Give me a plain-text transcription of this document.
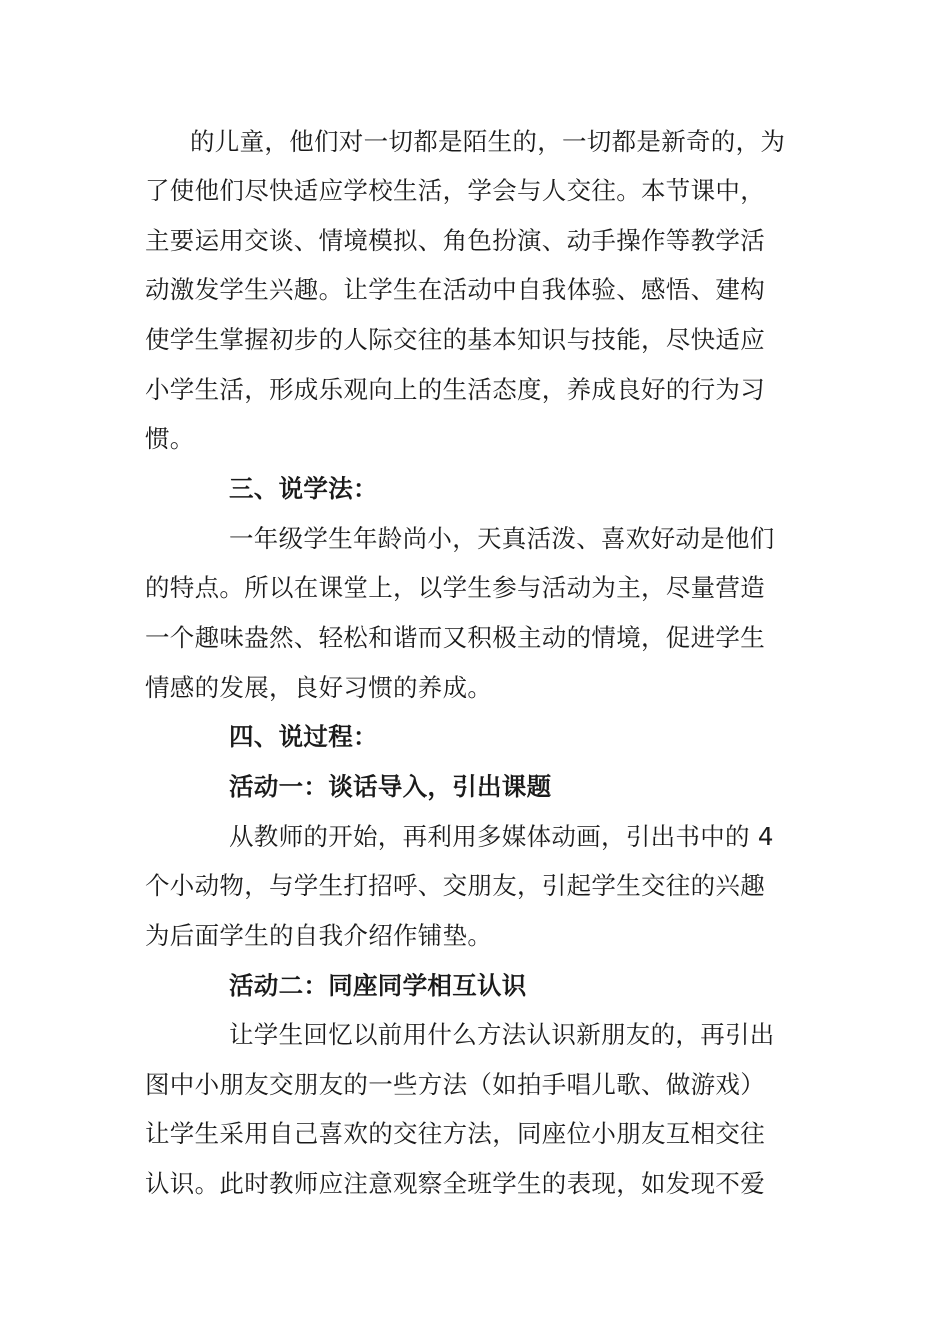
的儿童，他们对一切都是陌生的，一切都是新奇的，为
了使他们尽快适应学校生活，学会与人交往。本节课中，
主要运用交谈、情境模拟、角色扮演、动手操作等教学活
动激发学生兴趣。让学生在活动中自我体验、感悟、建构
使学生掌握初步的人际交往的基本知识与技能，尽快适应
小学生活，形成乐观向上的生活态度，养成良好的行为习
惯。
三、说学法：
一年级学生年龄尚小，天真活泼、喜欢好动是他们
的特点。所以在课堂上，以学生参与活动为主，尽量营造
一个趣味盎然、轻松和谐而又积极主动的情境，促进学生
情感的发展，良好习惯的养成。
四、说过程：
活动一：谈话导入，引出课题
从教师的开始，再利用多媒体动画，引出书中的 4
个小动物，与学生打招呼、交朋友，引起学生交往的兴趣
为后面学生的自我介绍作铺垫。
活动二：同座同学相互认识
让学生回忆以前用什么方法认识新朋友的，再引出
图中小朋友交朋友的一些方法（如拍手唱儿歌、做游戏）
让学生采用自己喜欢的交往方法，同座位小朋友互相交往
认识。此时教师应注意观察全班学生的表现，如发现不爱
